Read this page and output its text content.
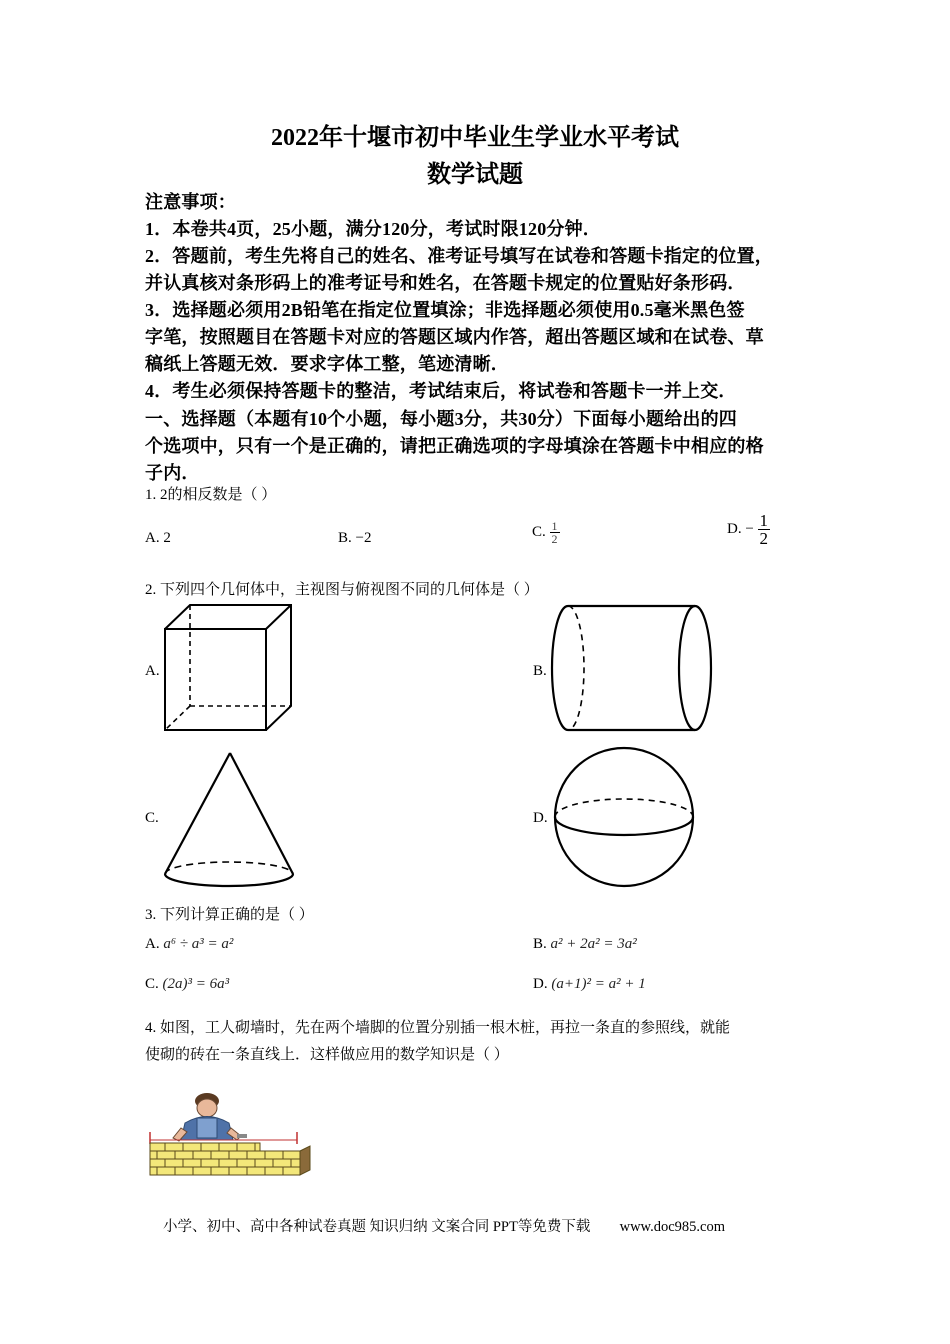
2022年十堰市初中毕业生学业水平考试
数学试题
注意事项：
1．本卷共4页，25小题，满分120分，考试时限120分钟．
2．答题前，考生先将自己的姓名、准考证号填写在试卷和答题卡指定的位置，
并认真核对条形码上的准考证号和姓名，在答题卡规定的位置贴好条形码．
3．选择题必须用2B铅笔在指定位置填涂；非选择题必须使用0.5毫米黑色签
字笔，按照题目在答题卡对应的答题区域内作答，超出答题区域和在试卷、草
稿纸上答题无效．要求字体工整，笔迹清晰．
4．考生必须保持答题卡的整洁，考试结束后，将试卷和答题卡一并上交．
一、选择题（本题有10个小题，每小题3分，共30分）下面每小题给出的四
个选项中，只有一个是正确的，请把正确选项的字母填涂在答题卡中相应的格
子内．
1. 2的相反数是（ ）
A. 2	B. −2	C. $\frac{1}{2}$	D. − $\frac{1}{2}$
2. 下列四个几何体中，主视图与俯视图不同的几何体是（ ）
A.	B.
C.	D.
3. 下列计算正确的是（ ）
A. a⁶ ÷ a³ = a²	B. a² + 2a² = 3a²
C. (2a)³ = 6a³	D. (a+1)² = a² + 1
4. 如图，工人砌墙时，先在两个墙脚的位置分别插一根木桩，再拉一条直的参照线，就能
使砌的砖在一条直线上．这样做应用的数学知识是（ ）
小学、初中、高中各种试卷真题 知识归纳 文案合同 PPT等免费下载 www.doc985.com
